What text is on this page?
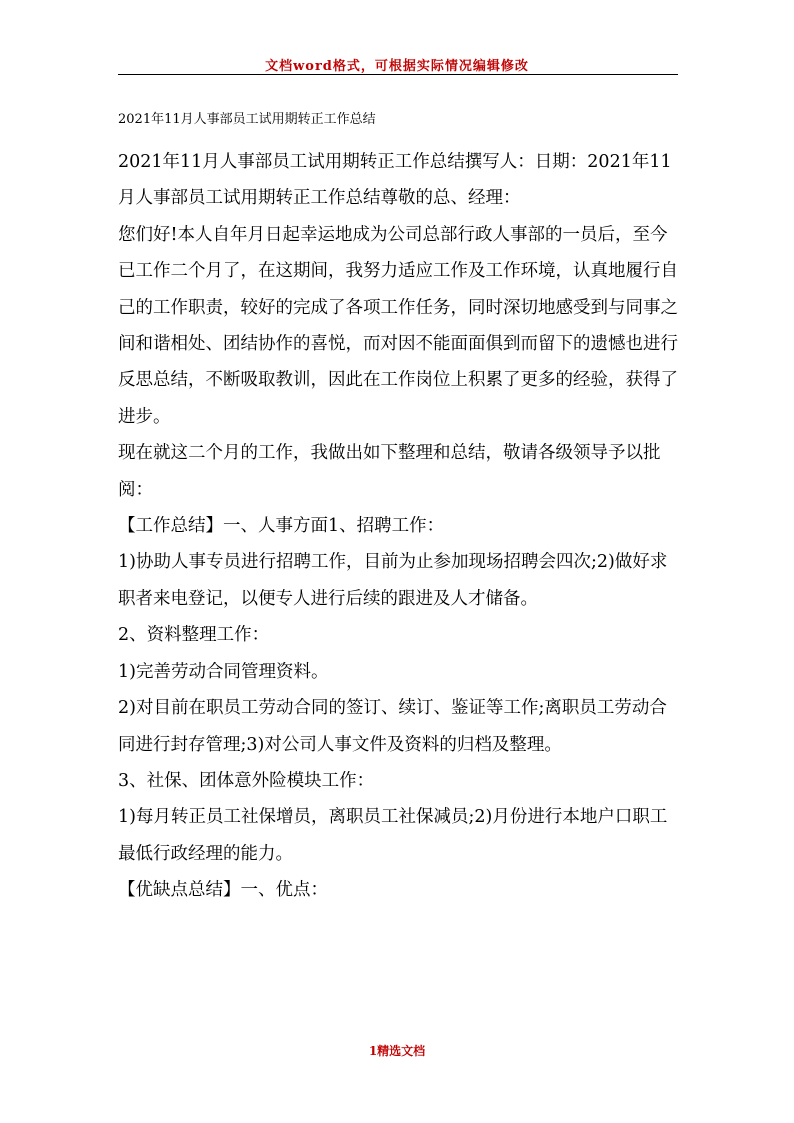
文档word格式，可根据实际情况编辑修改
2021年11月人事部员工试用期转正工作总结

2021年11月人事部员工试用期转正工作总结撰写人：日期：2021年11月人事部员工试用期转正工作总结尊敬的总、经理：

您们好!本人自年月日起幸运地成为公司总部行政人事部的一员后，至今已工作二个月了，在这期间，我努力适应工作及工作环境，认真地履行自己的工作职责，较好的完成了各项工作任务，同时深切地感受到与同事之间和谐相处、团结协作的喜悦，而对因不能面面俱到而留下的遗憾也进行反思总结，不断吸取教训，因此在工作岗位上积累了更多的经验，获得了进步。

现在就这二个月的工作，我做出如下整理和总结，敬请各级领导予以批阅：

【工作总结】一、人事方面1、招聘工作：

1)协助人事专员进行招聘工作，目前为止参加现场招聘会四次;2)做好求职者来电登记，以便专人进行后续的跟进及人才储备。

2、资料整理工作：

1)完善劳动合同管理资料。

2)对目前在职员工劳动合同的签订、续订、鉴证等工作;离职员工劳动合同进行封存管理;3)对公司人事文件及资料的归档及整理。

3、社保、团体意外险模块工作：

1)每月转正员工社保增员，离职员工社保减员;2)月份进行本地户口职工最低行政经理的能力。

【优缺点总结】一、优点：

1精选文档
